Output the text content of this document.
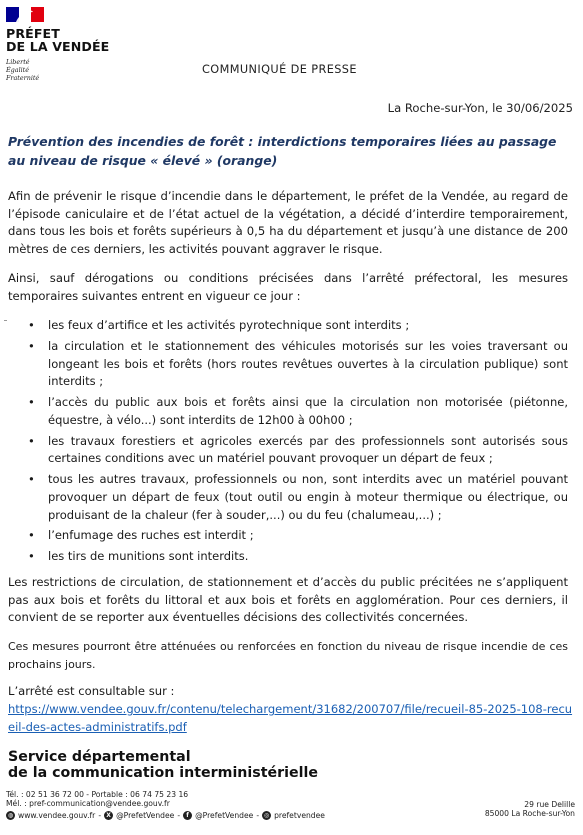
PRÉFET
DE LA VENDÉE
Liberté
Égalité
Fraternité
COMMUNIQUÉ DE PRESSE
La Roche-sur-Yon, le 30/06/2025
Prévention des incendies de forêt : interdictions temporaires liées au passage au niveau de risque « élevé » (orange)
Afin de prévenir le risque d’incendie dans le département, le préfet de la Vendée, au regard de l’épisode caniculaire et de l’état actuel de la végétation, a décidé d’interdire temporairement, dans tous les bois et forêts supérieurs à 0,5 ha du département et jusqu’à une distance de 200 mètres de ces derniers, les activités pouvant aggraver le risque.
Ainsi, sauf dérogations ou conditions précisées dans l’arrêté préfectoral, les mesures temporaires suivantes entrent en vigueur ce jour :
• les feux d’artifice et les activités pyrotechnique sont interdits ;
• la circulation et le stationnement des véhicules motorisés sur les voies traversant ou longeant les bois et forêts (hors routes revêtues ouvertes à la circulation publique) sont interdits ;
• l’accès du public aux bois et forêts ainsi que la circulation non motorisée (piétonne, équestre, à vélo...) sont interdits de 12h00 à 00h00 ;
• les travaux forestiers et agricoles exercés par des professionnels sont autorisés sous certaines conditions avec un matériel pouvant provoquer un départ de feux ;
• tous les autres travaux, professionnels ou non, sont interdits avec un matériel pouvant provoquer un départ de feux (tout outil ou engin à moteur thermique ou électrique, ou produisant de la chaleur (fer à souder,...) ou du feu (chalumeau,...) ;
• l’enfumage des ruches est interdit ;
• les tirs de munitions sont interdits.
Les restrictions de circulation, de stationnement et d’accès du public précitées ne s’appliquent pas aux bois et forêts du littoral et aux bois et forêts en agglomération. Pour ces derniers, il convient de se reporter aux éventuelles décisions des collectivités concernées.
Ces mesures pourront être atténuées ou renforcées en fonction du niveau de risque incendie de ces prochains jours.
L’arrêté est consultable sur :
https://www.vendee.gouv.fr/contenu/telechargement/31682/200707/file/recueil-85-2025-108-recueil-des-actes-administratifs.pdf
Service départemental
de la communication interministérielle
Tél. : 02 51 36 72 00 - Portable : 06 74 75 23 16
Mél. : pref-communication@vendee.gouv.fr
◍ www.vendee.gouv.fr - X @PrefetVendee -	f @PrefetVendee - ◎ prefetvendee
29 rue Delille
85000 La Roche-sur-Yon
